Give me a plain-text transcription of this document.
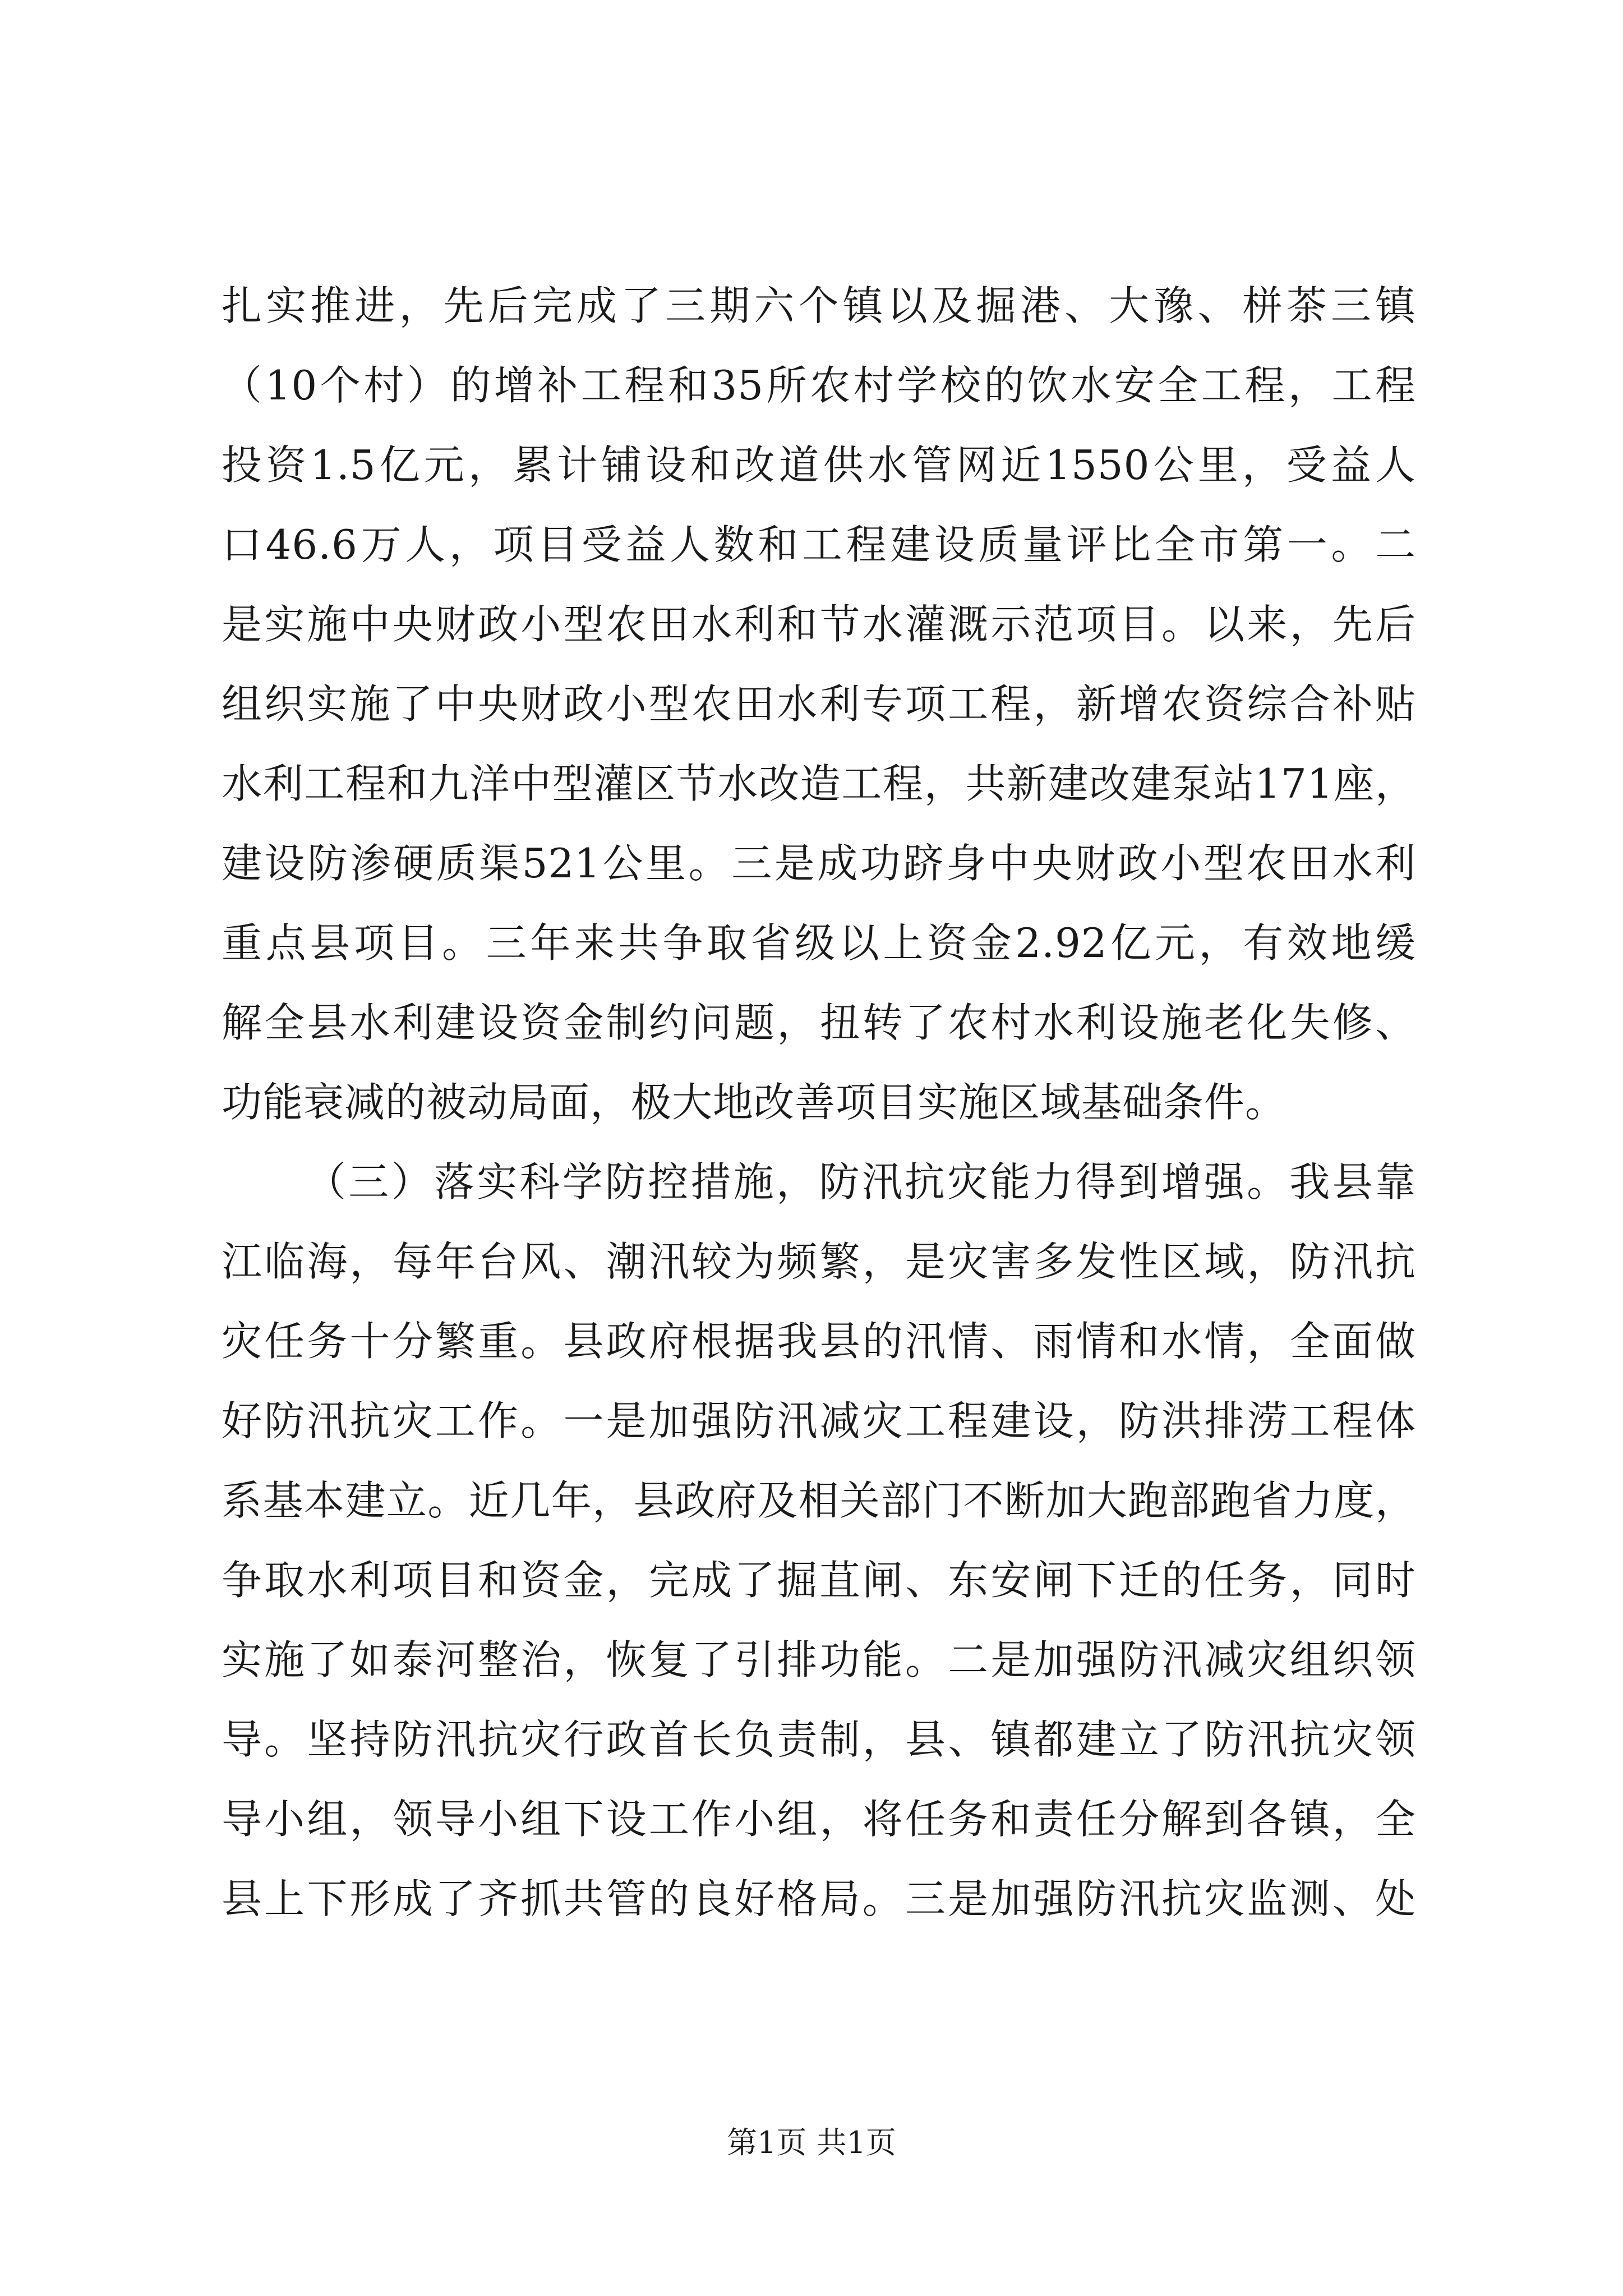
扎实推进，先后完成了三期六个镇以及掘港、大豫、栟茶三镇
（10个村）的增补工程和35所农村学校的饮水安全工程，工程
投资1.5亿元，累计铺设和改道供水管网近1550公里，受益人
口46.6万人，项目受益人数和工程建设质量评比全市第一。二
是实施中央财政小型农田水利和节水灌溉示范项目。以来，先后
组织实施了中央财政小型农田水利专项工程，新增农资综合补贴
水利工程和九洋中型灌区节水改造工程，共新建改建泵站171座，
建设防渗硬质渠521公里。三是成功跻身中央财政小型农田水利
重点县项目。三年来共争取省级以上资金2.92亿元，有效地缓
解全县水利建设资金制约问题，扭转了农村水利设施老化失修、
功能衰减的被动局面，极大地改善项目实施区域基础条件。
（三）落实科学防控措施，防汛抗灾能力得到增强。我县靠
江临海，每年台风、潮汛较为频繁，是灾害多发性区域，防汛抗
灾任务十分繁重。县政府根据我县的汛情、雨情和水情，全面做
好防汛抗灾工作。一是加强防汛减灾工程建设，防洪排涝工程体
系基本建立。近几年，县政府及相关部门不断加大跑部跑省力度，
争取水利项目和资金，完成了掘苴闸、东安闸下迁的任务，同时
实施了如泰河整治，恢复了引排功能。二是加强防汛减灾组织领
导。坚持防汛抗灾行政首长负责制，县、镇都建立了防汛抗灾领
导小组，领导小组下设工作小组，将任务和责任分解到各镇，全
县上下形成了齐抓共管的良好格局。三是加强防汛抗灾监测、处
第1页 共1页
